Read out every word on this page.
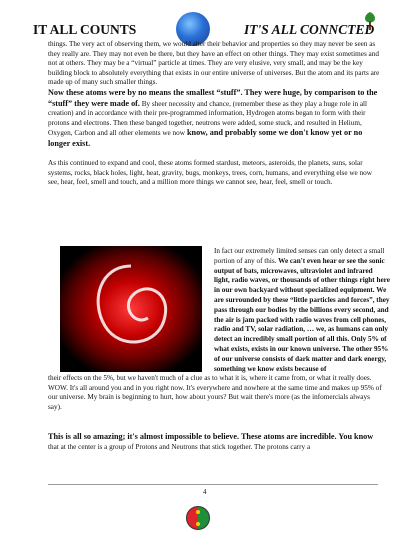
IT ALL COUNTS	IT'S ALL CONNCTED
things. The very act of observing them, we would alter their behavior and properties so they may never be seen as they really are. They may not even be there, but they have an effect on other things. They may exist sometimes and not at others. They may be a “virtual” particle at times. They are very elusive, very small, and may be the key building block to absolutely everything that exists in our entire universe of universes. But the atom and its parts are made up of many such smaller things.
Now these atoms were by no means the smallest “stuff”. They were huge, by comparison to the “stuff” they were made of. By sheer necessity and chance, (remember these as they play a huge role in all creation) and in accordance with their pre-programmed information, Hydrogen atoms began to form with their protons and electrons. Then these banged together, neutrons were added, some stuck, and resulted in Helium, Oxygen, Carbon and all other elements we now know, and probably some we don't know yet or no longer exist.
As this continued to expand and cool, these atoms formed stardust, meteors, asteroids, the planets, suns, solar systems, rocks, black holes, light, heat, gravity, bugs, monkeys, trees, corn, humans, and everything else we now see, hear, feel, smell and touch, and a million more things we cannot see, hear, feel, smell or touch.
In fact our extremely limited senses can only detect a small portion of any of this. We can't even hear or see the sonic output of bats, microwaves, ultraviolet and infrared light, radio waves, or thousands of other things right here in our own backyard without specialized equipment. We are surrounded by these “little particles and forces”, they pass through our bodies by the billions every second, and the air is jam packed with radio waves from cell phones, radio and TV, solar radiation, … we, as humans can only detect an incredibly small portion of all this. Only 5% of what exists, exists in our known universe. The other 95% of our universe consists of dark matter and dark energy, something we know exists because of
their effects on the 5%, but we haven't much of a clue as to what it is, where it came from, or what it really does. WOW. It's all around you and in you right now. It's everywhere and nowhere at the same time and makes up 95% of our universe. My brain is beginning to hurt, how about yours? But wait there's more (as the infomercials always say).
This is all so amazing; it's almost impossible to believe. These atoms are incredible. You know
that at the center is a group of Protons and Neutrons that stick together. The protons carry a
4
